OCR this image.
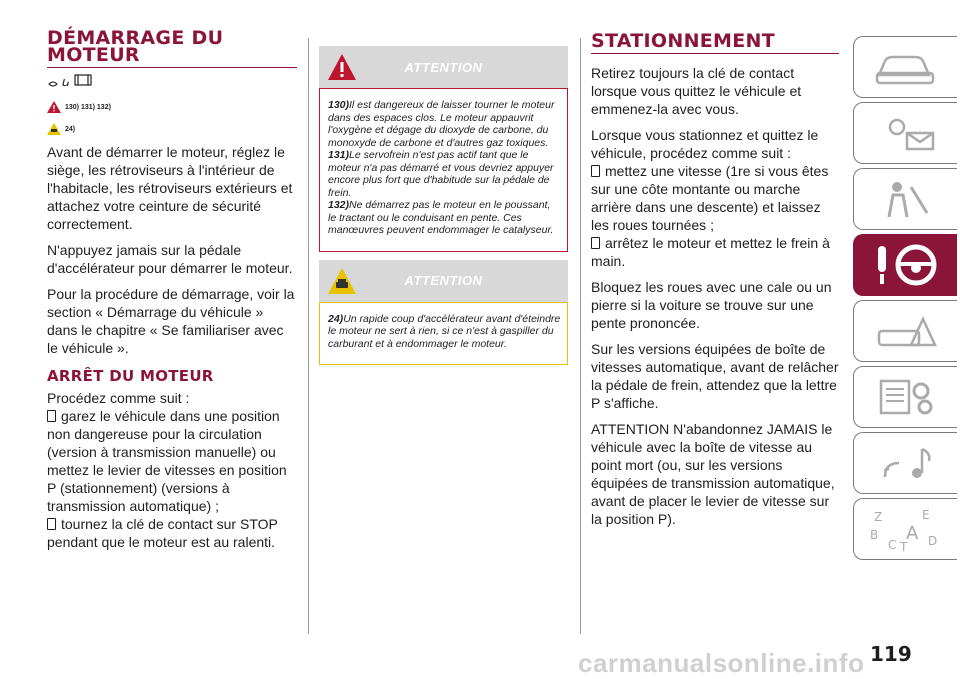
DÉMARRAGE DU
MOTEUR
ꭎ
130) 131) 132)
24)

Avant de démarrer le moteur, réglez le siège, les rétroviseurs à l'intérieur de l'habitacle, les rétroviseurs extérieurs et attachez votre ceinture de sécurité correctement.

N'appuyez jamais sur la pédale d'accélérateur pour démarrer le moteur.

Pour la procédure de démarrage, voir la section « Démarrage du véhicule » dans le chapitre « Se familiariser avec le véhicule ».

ARRÊT DU MOTEUR

Procédez comme suit :

garez le véhicule dans une position non dangereuse pour la circulation (version à transmission manuelle) ou mettez le levier de vitesses en position P (stationnement) (versions à transmission automatique) ;

tournez la clé de contact sur STOP pendant que le moteur est au ralenti.

ATTENTION

130)Il est dangereux de laisser tourner le moteur dans des espaces clos. Le moteur appauvrit l'oxygène et dégage du dioxyde de carbone, du monoxyde de carbone et d'autres gaz toxiques.

131)Le servofrein n'est pas actif tant que le moteur n'a pas démarré et vous devriez appuyer encore plus fort que d'habitude sur la pédale de frein.

132)Ne démarrez pas le moteur en le poussant, le tractant ou le conduisant en pente. Ces manœuvres peuvent endommager le catalyseur.

ATTENTION

24)Un rapide coup d'accélérateur avant d'éteindre le moteur ne sert à rien, si ce n'est à gaspiller du carburant et à endommager le moteur.

STATIONNEMENT

Retirez toujours la clé de contact lorsque vous quittez le véhicule et emmenez-la avec vous.

Lorsque vous stationnez et quittez le véhicule, procédez comme suit :

mettez une vitesse (1re si vous êtes sur une côte montante ou marche arrière dans une descente) et laissez les roues tournées ;

arrêtez le moteur et mettez le frein à main.

Bloquez les roues avec une cale ou un pierre si la voiture se trouve sur une pente prononcée.

Sur les versions équipées de boîte de vitesses automatique, avant de relâcher la pédale de frein, attendez que la lettre P s'affiche.

ATTENTION N'abandonnez JAMAIS le véhicule avec la boîte de vitesse au point mort (ou, sur les versions équipées de transmission automatique, avant de placer le levier de vitesse sur la position P).	Z	E
B A
C T D
119
carmanualsonline.info
